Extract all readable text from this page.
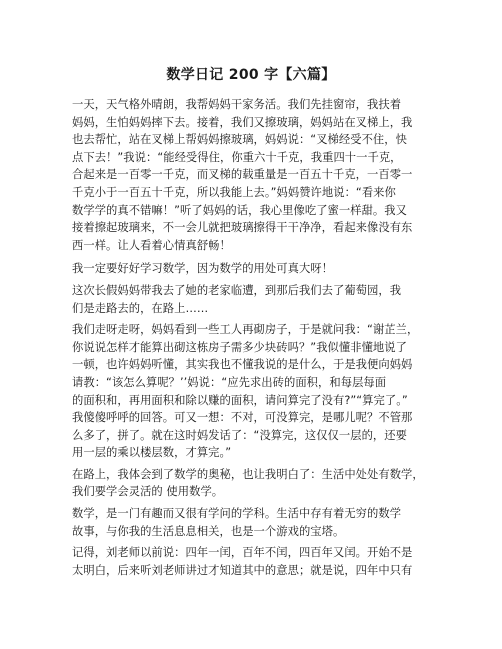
数学日记 200 字【六篇】
一天，天气格外晴朗，我帮妈妈干家务活。我们先挂窗帘，我扶着
妈妈，生怕妈妈摔下去。接着，我们又擦玻璃，妈妈站在叉梯上，我
也去帮忙，站在叉梯上帮妈妈擦玻璃，妈妈说：“叉梯经受不住，快
点下去！”我说：“能经受得住，你重六十千克，我重四十一千克，
合起来是一百零一千克，而叉梯的载重量是一百五十千克，一百零一
千克小于一百五十千克，所以我能上去。”妈妈赞许地说：“看来你
数学学的真不错嘛！”听了妈妈的话，我心里像吃了蜜一样甜。我又
接着擦起玻璃来，不一会儿就把玻璃擦得干干净净，看起来像没有东
西一样。让人看着心情真舒畅！
我一定要好好学习数学，因为数学的用处可真大呀！
这次长假妈妈带我去了她的老家临遭，到那后我们去了葡萄园，我
们是走路去的，在路上……
我们走呀走呀，妈妈看到一些工人再砌房子，于是就问我：“谢芷兰，
你说说怎样才能算出砌这栋房子需多少块砖吗？”我似懂非懂地说了
一顿，也许妈妈听懂，其实我也不懂我说的是什么，于是我便向妈妈
请教：“该怎么算呢？’’妈说：“应先求出砖的面积，和每层每面
的面积和，再用面积和除以赚的面积，请问算完了没有?”“算完了。”
我傻傻呼呼的回答。可又一想：不对，可没算完，是哪儿呢？不管那
么多了，拼了。就在这时妈发话了：“没算完，这仅仅一层的，还要
用一层的乘以楼层数，才算完。”
在路上，我体会到了数学的奥秘，也让我明白了：生活中处处有数学，
我们要学会灵活的 使用数学。
数学，是一门有趣而又很有学问的学科。生活中存有着无穷的数学
故事，与你我的生活息息相关，也是一个游戏的宝塔。
记得，刘老师以前说：四年一闰，百年不闰，四百年又闰。开始不是
太明白，后来听刘老师讲过才知道其中的意思；就是说，四年中只有
